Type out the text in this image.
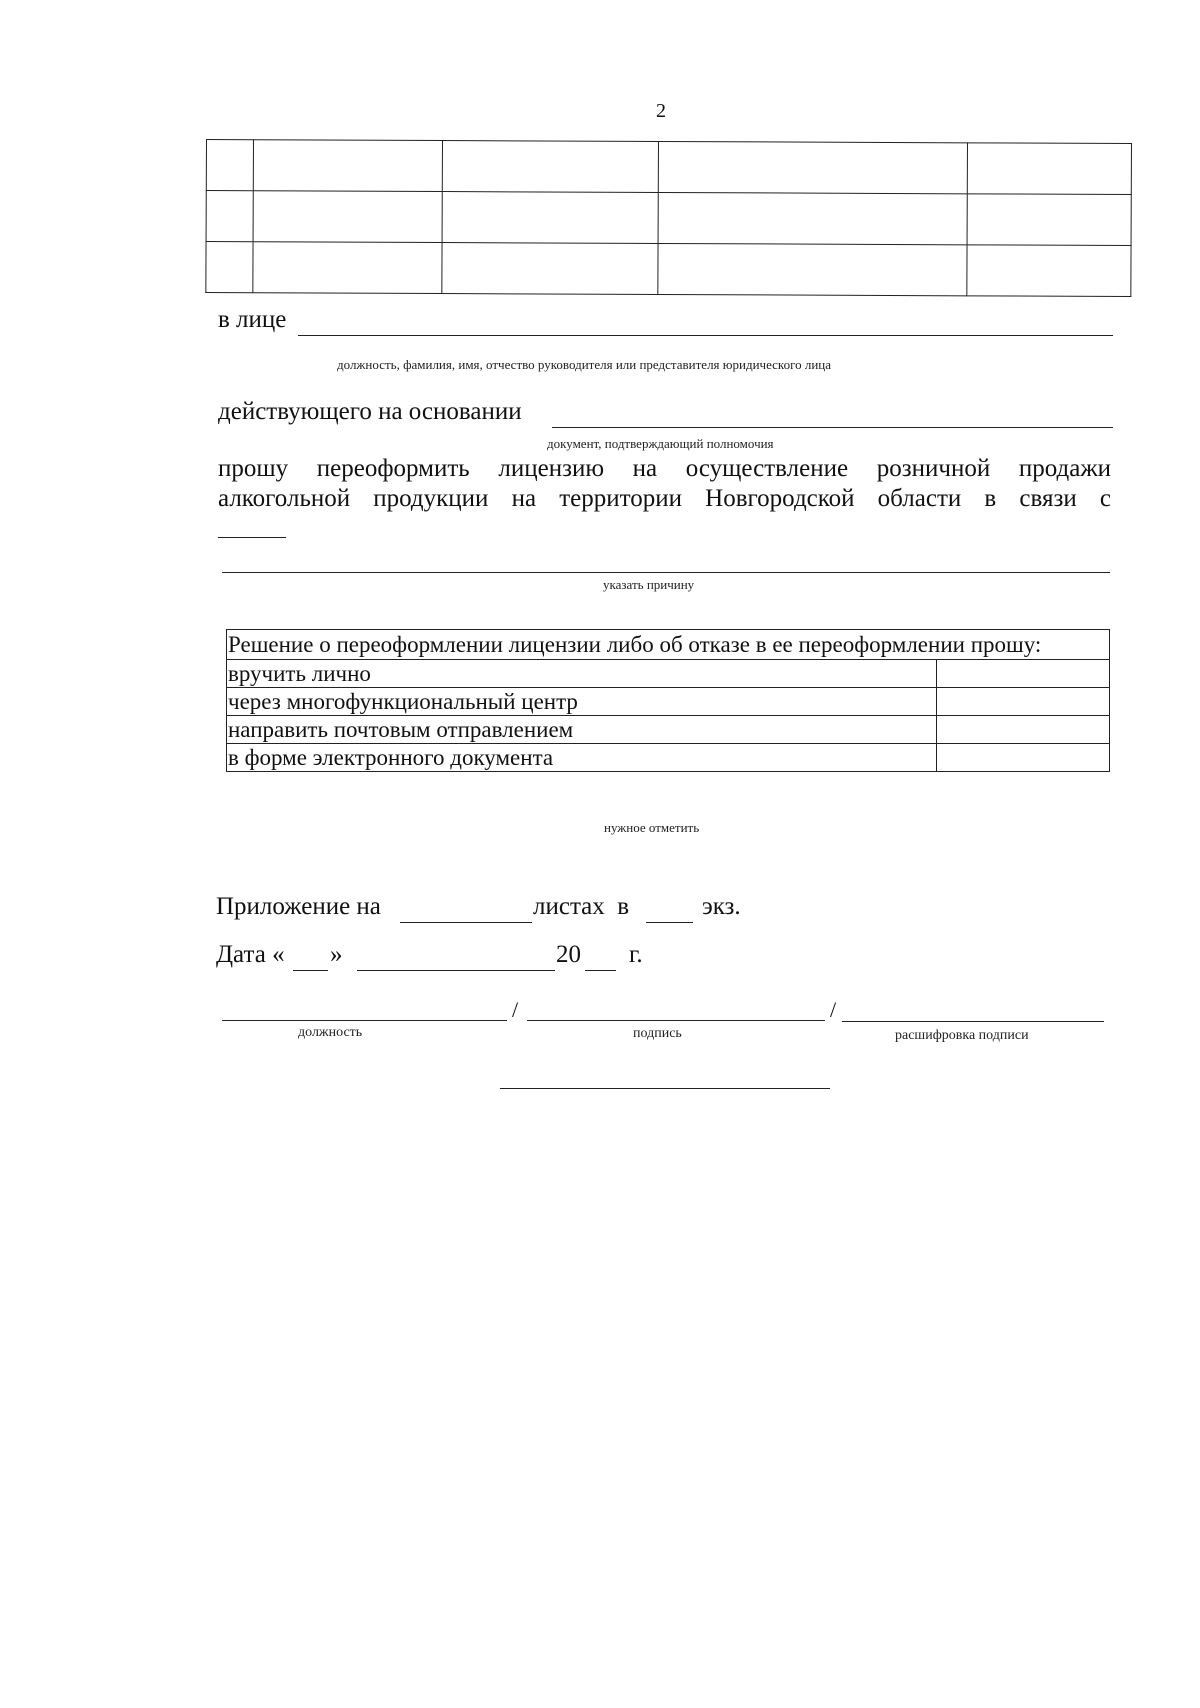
2

в лице
должность, фамилия, имя, отчество руководителя или представителя юридического лица
действующего на основании
документ, подтверждающий полномочия
прошу переоформить лицензию на осуществление розничной продажи
алкогольной продукции на территории Новгородской области в связи с
указать причину
Решение о переоформлении лицензии либо об отказе в ее переоформлении прошу:	
вручить лично	
через многофункциональный центр	
направить почтовым отправлением	
в форме электронного документа	
нужное отметить
Приложение на	листах  в	экз.
Дата « »	20 г.
/	/
должность	подпись	расшифровка подписи
